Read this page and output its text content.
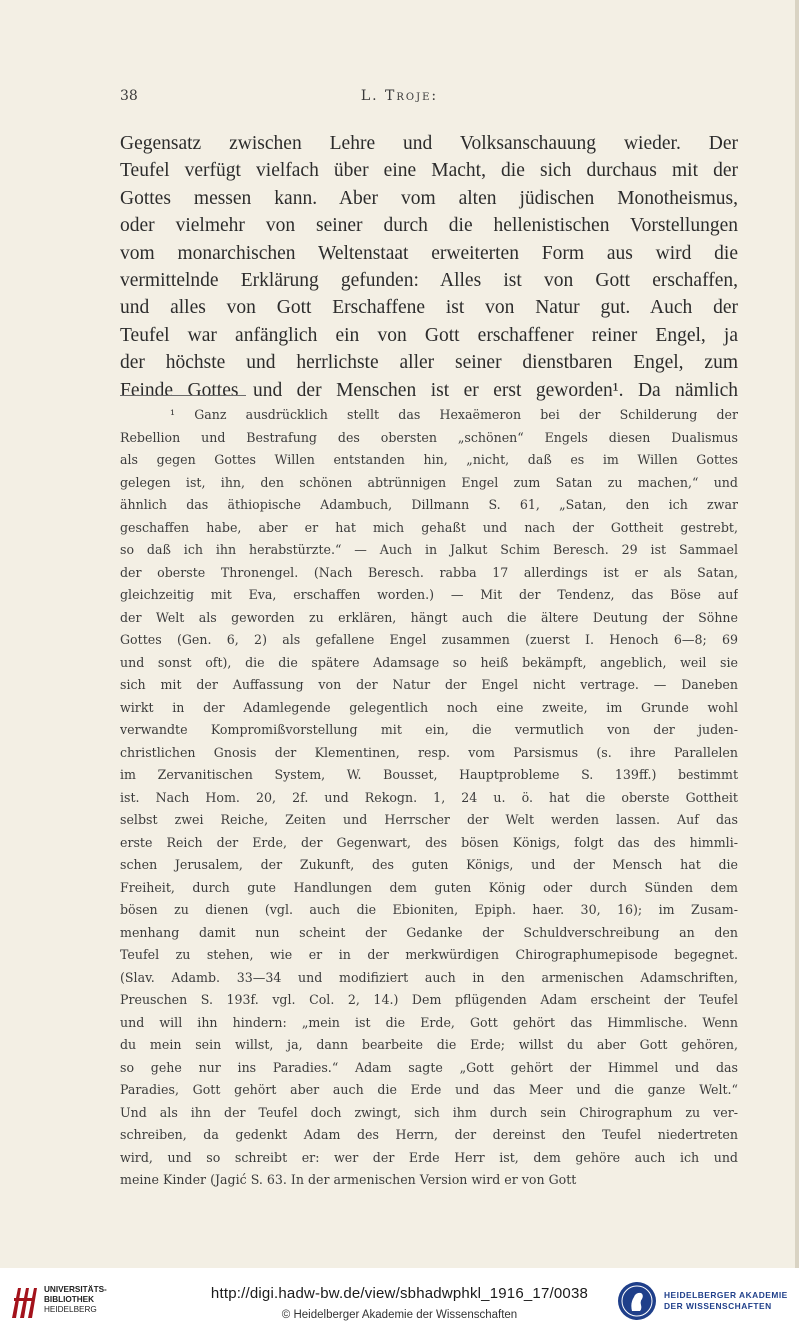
38	L. Troje:
Gegensatz zwischen Lehre und Volksanschauung wieder. Der
Teufel verfügt vielfach über eine Macht, die sich durchaus mit der
Gottes messen kann. Aber vom alten jüdischen Monotheismus,
oder vielmehr von seiner durch die hellenistischen Vorstellungen
vom monarchischen Weltenstaat erweiterten Form aus wird die
vermittelnde Erklärung gefunden: Alles ist von Gott erschaffen,
und alles von Gott Erschaffene ist von Natur gut. Auch der
Teufel war anfänglich ein von Gott erschaffener reiner Engel, ja
der höchste und herrlichste aller seiner dienstbaren Engel, zum
Feinde Gottes und der Menschen ist er erst geworden¹. Da nämlich
¹ Ganz ausdrücklich stellt das Hexaëmeron bei der Schilderung der
Rebellion und Bestrafung des obersten „schönen“ Engels diesen Dualismus
als gegen Gottes Willen entstanden hin, „nicht, daß es im Willen Gottes
gelegen ist, ihn, den schönen abtrünnigen Engel zum Satan zu machen,“ und
ähnlich das äthiopische Adambuch, Dillmann S. 61, „Satan, den ich zwar
geschaffen habe, aber er hat mich gehaßt und nach der Gottheit gestrebt,
so daß ich ihn herabstürzte.“ — Auch in Jalkut Schim Beresch. 29 ist Sammael
der oberste Thronengel. (Nach Beresch. rabba 17 allerdings ist er als Satan,
gleichzeitig mit Eva, erschaffen worden.) — Mit der Tendenz, das Böse auf
der Welt als geworden zu erklären, hängt auch die ältere Deutung der Söhne
Gottes (Gen. 6, 2) als gefallene Engel zusammen (zuerst I. Henoch 6—8; 69
und sonst oft), die die spätere Adamsage so heiß bekämpft, angeblich, weil sie
sich mit der Auffassung von der Natur der Engel nicht vertrage. — Daneben
wirkt in der Adamlegende gelegentlich noch eine zweite, im Grunde wohl
verwandte Kompromißvorstellung mit ein, die vermutlich von der juden-
christlichen Gnosis der Klementinen, resp. vom Parsismus (s. ihre Parallelen
im Zervanitischen System, W. Bousset, Hauptprobleme S. 139ff.) bestimmt
ist. Nach Hom. 20, 2f. und Rekogn. 1, 24 u. ö. hat die oberste Gottheit
selbst zwei Reiche, Zeiten und Herrscher der Welt werden lassen. Auf das
erste Reich der Erde, der Gegenwart, des bösen Königs, folgt das des himmli-
schen Jerusalem, der Zukunft, des guten Königs, und der Mensch hat die
Freiheit, durch gute Handlungen dem guten König oder durch Sünden dem
bösen zu dienen (vgl. auch die Ebioniten, Epiph. haer. 30, 16); im Zusam-
menhang damit nun scheint der Gedanke der Schuldverschreibung an den
Teufel zu stehen, wie er in der merkwürdigen Chirographumepisode begegnet.
(Slav. Adamb. 33—34 und modifiziert auch in den armenischen Adamschriften,
Preuschen S. 193f. vgl. Col. 2, 14.) Dem pflügenden Adam erscheint der Teufel
und will ihn hindern: „mein ist die Erde, Gott gehört das Himmlische. Wenn
du mein sein willst, ja, dann bearbeite die Erde; willst du aber Gott gehören,
so gehe nur ins Paradies.“ Adam sagte „Gott gehört der Himmel und das
Paradies, Gott gehört aber auch die Erde und das Meer und die ganze Welt.“
Und als ihn der Teufel doch zwingt, sich ihm durch sein Chirographum zu ver-
schreiben, da gedenkt Adam des Herrn, der dereinst den Teufel niedertreten
wird, und so schreibt er: wer der Erde Herr ist, dem gehöre auch ich und
meine Kinder (Jagić S. 63. In der armenischen Version wird er von Gott
UNIVERSITÄTS-
BIBLIOTHEK
HEIDELBERG
http://digi.hadw-bw.de/view/sbhadwphkl_1916_17/0038
© Heidelberger Akademie der Wissenschaften
HEIDELBERGER AKADEMIE
DER WISSENSCHAFTEN
